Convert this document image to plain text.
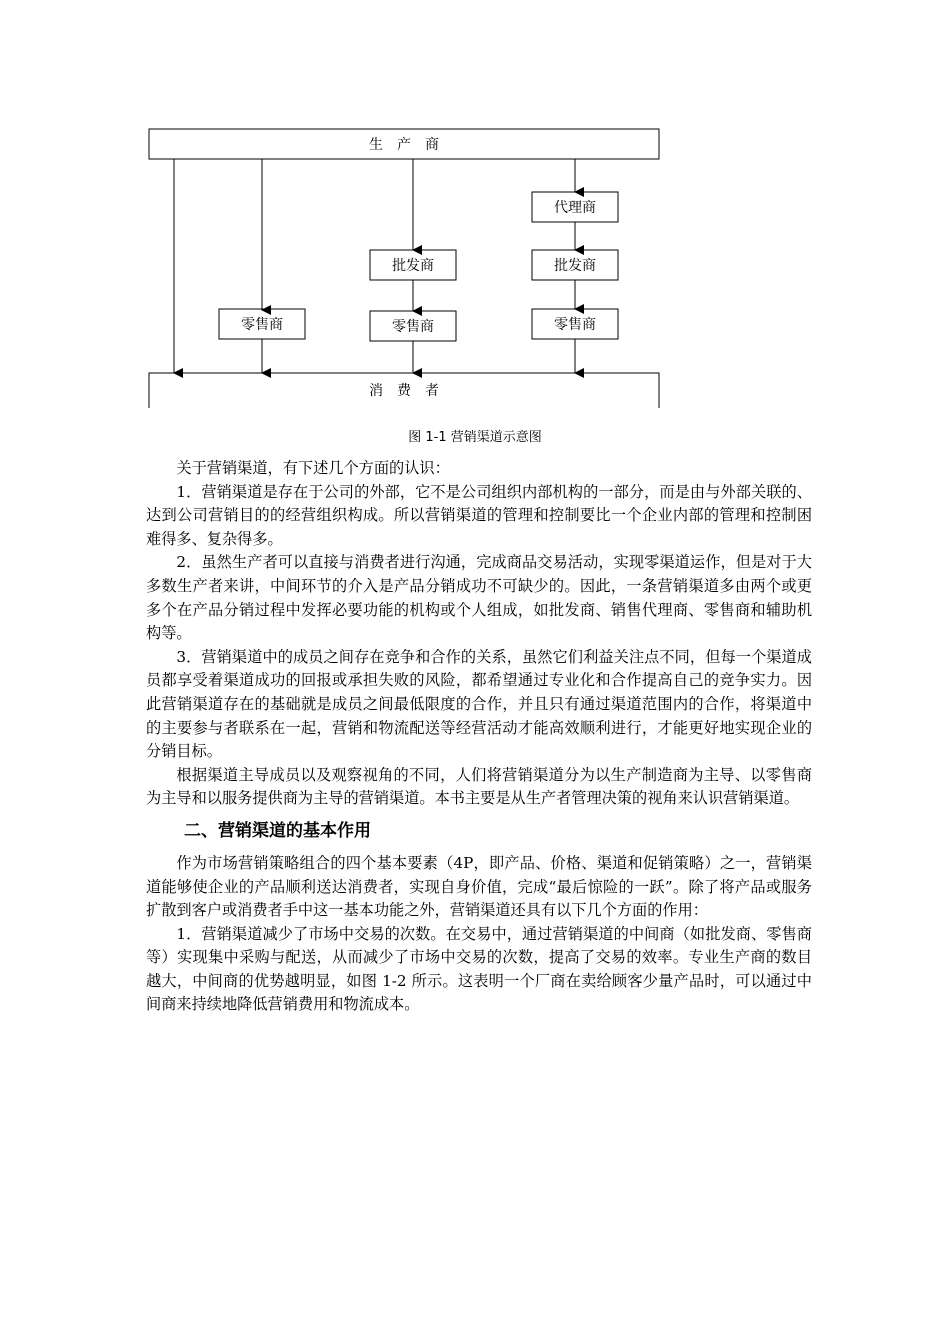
生　产　商
消　费　者
代理商
批发商	批发商
零售商	零售商	零售商
图 1-1 营销渠道示意图

关于营销渠道，有下述几个方面的认识：

1．营销渠道是存在于公司的外部，它不是公司组织内部机构的一部分，而是由与外部关联的、达到公司营销目的的经营组织构成。所以营销渠道的管理和控制要比一个企业内部的管理和控制困难得多、复杂得多。

2．虽然生产者可以直接与消费者进行沟通，完成商品交易活动，实现零渠道运作，但是对于大多数生产者来讲，中间环节的介入是产品分销成功不可缺少的。因此，一条营销渠道多由两个或更多个在产品分销过程中发挥必要功能的机构或个人组成，如批发商、销售代理商、零售商和辅助机构等。

3．营销渠道中的成员之间存在竞争和合作的关系，虽然它们利益关注点不同，但每一个渠道成员都享受着渠道成功的回报或承担失败的风险，都希望通过专业化和合作提高自己的竞争实力。因此营销渠道存在的基础就是成员之间最低限度的合作，并且只有通过渠道范围内的合作，将渠道中的主要参与者联系在一起，营销和物流配送等经营活动才能高效顺利进行，才能更好地实现企业的分销目标。

根据渠道主导成员以及观察视角的不同，人们将营销渠道分为以生产制造商为主导、以零售商为主导和以服务提供商为主导的营销渠道。本书主要是从生产者管理决策的视角来认识营销渠道。

二、营销渠道的基本作用

作为市场营销策略组合的四个基本要素（4P，即产品、价格、渠道和促销策略）之一，营销渠道能够使企业的产品顺利送达消费者，实现自身价值，完成“最后惊险的一跃”。除了将产品或服务扩散到客户或消费者手中这一基本功能之外，营销渠道还具有以下几个方面的作用：

1．营销渠道减少了市场中交易的次数。在交易中，通过营销渠道的中间商（如批发商、零售商等）实现集中采购与配送，从而减少了市场中交易的次数，提高了交易的效率。专业生产商的数目越大，中间商的优势越明显，如图 1-2 所示。这表明一个厂商在卖给顾客少量产品时，可以通过中间商来持续地降低营销费用和物流成本。
